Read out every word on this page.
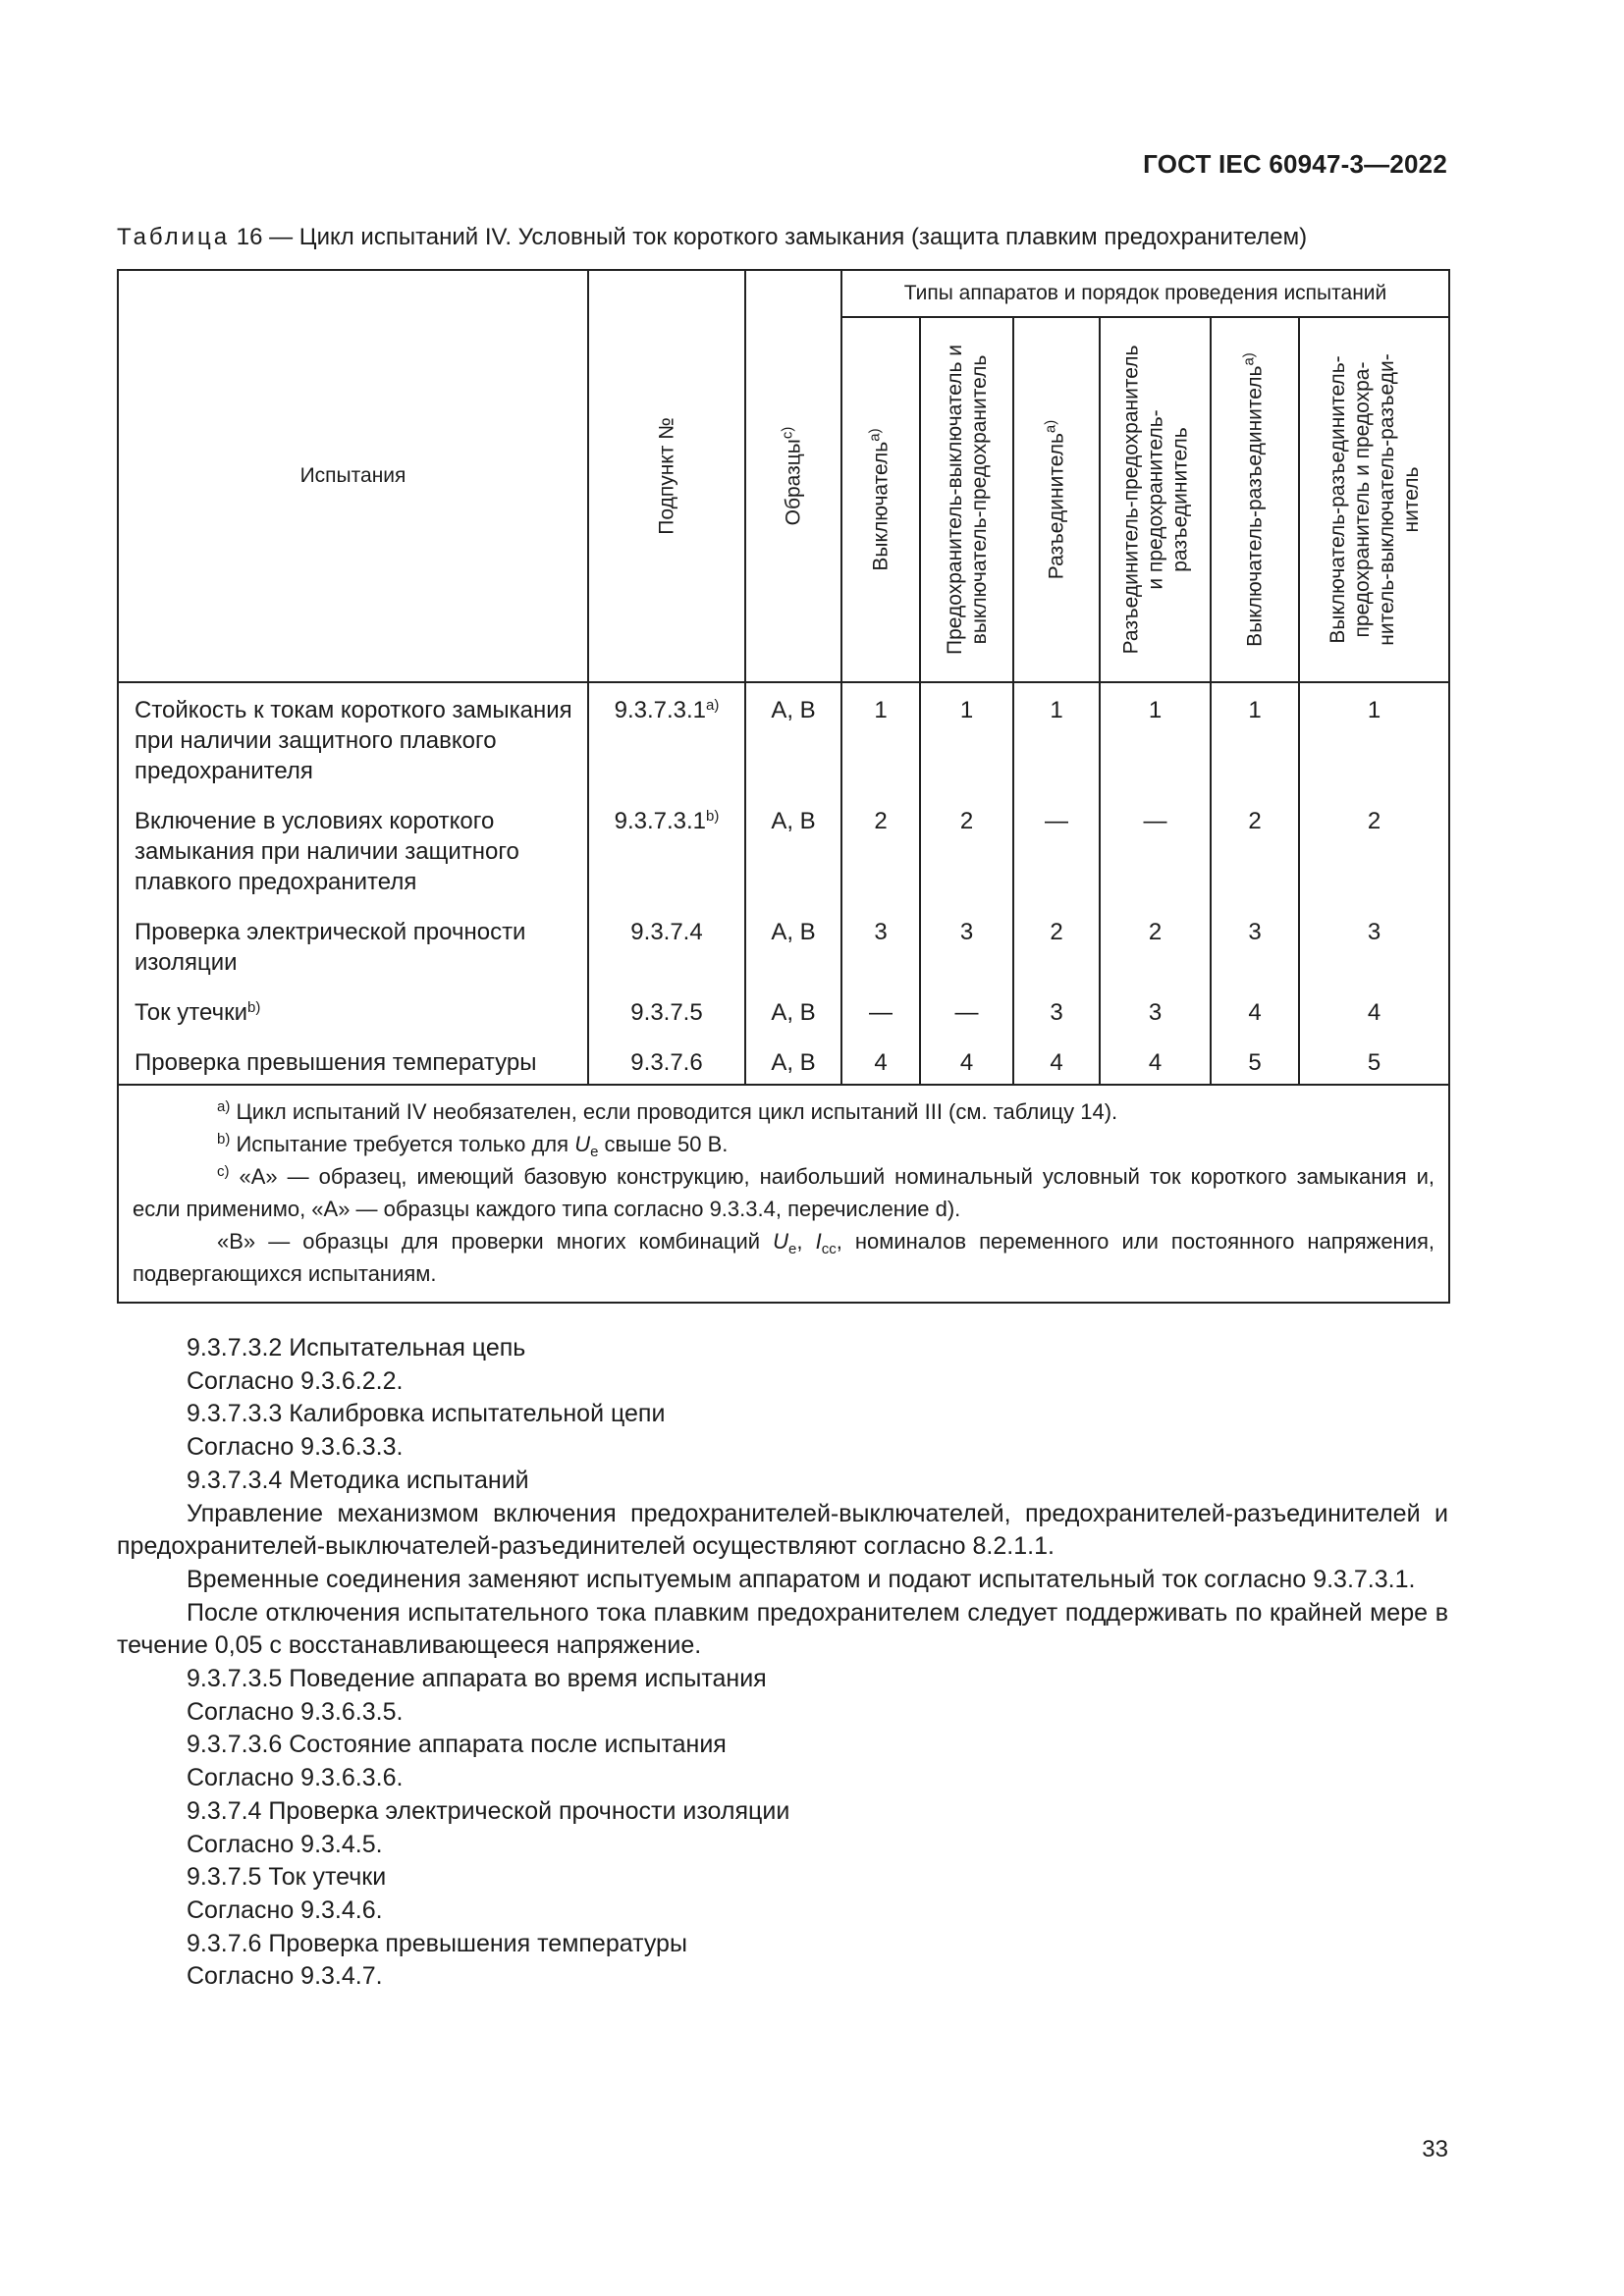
ГОСТ IEC 60947-3—2022
Таблица 16 — Цикл испытаний IV. Условный ток короткого замыкания (защита плавким предохранителем)
Испытания	Подпункт №	Образцы$^{c)}$	Типы аппаратов и порядок проведения испытаний					

			Выключатель$^{a)}$	Предохранитель-выключатель и
выключатель-предохранитель	Разъединитель$^{a)}$	Разъединитель-предохранитель
и предохранитель-
разъединитель	Выключатель-разъединитель$^{a)}$	Выключатель-разъединитель-
предохранитель и предохра-
нитель-выключатель-разъеди-
нитель

Стойкость к токам короткого замыкания при наличии защитного плавкого предохранителя	9.3.7.3.1$^{a)}$	A, B	1	1	1	1	1	1
Включение в условиях короткого замыкания при наличии защитного плавкого предохранителя	9.3.7.3.1$^{b)}$	A, B	2	2	—	—	2	2
Проверка электрической прочности изоляции	9.3.7.4	A, B	3	3	2	2	3	3
Ток утечки$^{b)}$	9.3.7.5	A, B	—	—	3	3	4	4
Проверка превышения температуры	9.3.7.6	A, B	4	4	4	4	5	5

$^{a)}$ Цикл испытаний IV необязателен, если проводится цикл испытаний III (см. таблицу 14).
$^{b)}$ Испытание требуется только для $U_e$ свыше 50 В.
$^{c)}$ «A» — образец, имеющий базовую конструкцию, наибольший номинальный условный ток короткого замыкания и, если применимо, «A» — образцы каждого типа согласно 9.3.3.4, перечисление d).
«B» — образцы для проверки многих комбинаций $U_e$, $I_{cc}$, номиналов переменного или постоянного напряжения, подвергающихся испытаниям.								

9.3.7.3.2 Испытательная цепь

Согласно 9.3.6.2.2.

9.3.7.3.3 Калибровка испытательной цепи

Согласно 9.3.6.3.3.

9.3.7.3.4 Методика испытаний

Управление механизмом включения предохранителей-выключателей, предохранителей-разъединителей и предохранителей-выключателей-разъединителей осуществляют согласно 8.2.1.1.

Временные соединения заменяют испытуемым аппаратом и подают испытательный ток согласно 9.3.7.3.1.

После отключения испытательного тока плавким предохранителем следует поддерживать по крайней мере в течение 0,05 с восстанавливающееся напряжение.

9.3.7.3.5 Поведение аппарата во время испытания

Согласно 9.3.6.3.5.

9.3.7.3.6 Состояние аппарата после испытания

Согласно 9.3.6.3.6.

9.3.7.4 Проверка электрической прочности изоляции

Согласно 9.3.4.5.

9.3.7.5 Ток утечки

Согласно 9.3.4.6.

9.3.7.6 Проверка превышения температуры

Согласно 9.3.4.7.

33
